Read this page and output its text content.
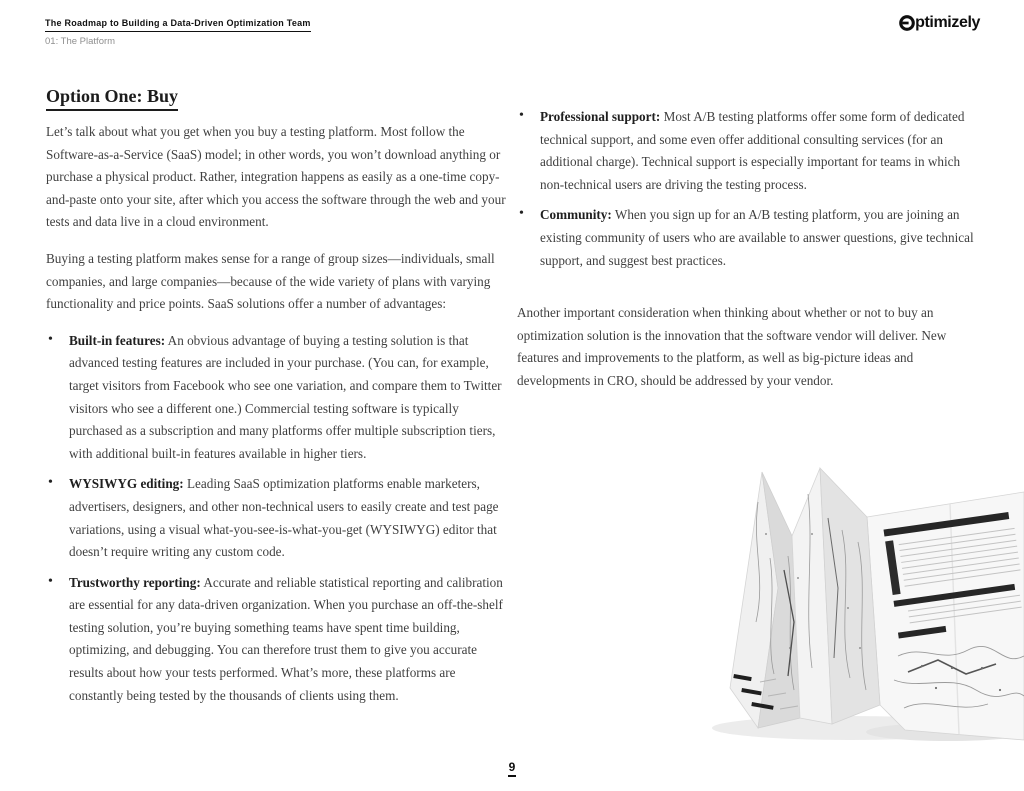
The Roadmap to Building a Data-Driven Optimization Team
01: The Platform
ptimizely
Option One: Buy

Let’s talk about what you get when you buy a testing platform. Most follow the Software-as-a-Service (SaaS) model; in other words, you won’t download anything or purchase a physical product. Rather, integration happens as easily as a one-time copy-and-paste onto your site, after which you access the software through the web and your tests and data live in a cloud environment.

Buying a testing platform makes sense for a range of group sizes—individuals, small companies, and large companies—because of the wide variety of plans with varying functionality and price points. SaaS solutions offer a number of advantages:

• Built-in features: An obvious advantage of buying a testing solution is that advanced testing features are included in your purchase. (You can, for example, target visitors from Facebook who see one variation, and compare them to Twitter visitors who see a different one.) Commercial testing software is typically purchased as a subscription and many platforms offer multiple subscription tiers, with additional built-in features available in higher tiers.
• WYSIWYG editing: Leading SaaS optimization platforms enable marketers, advertisers, designers, and other non-technical users to easily create and test page variations, using a visual what-you-see-is-what-you-get (WYSIWYG) editor that doesn’t require writing any custom code.
• Trustworthy reporting: Accurate and reliable statistical reporting and calibration are essential for any data-driven organization. When you purchase an off-the-shelf testing solution, you’re buying something teams have spent time building, optimizing, and debugging. You can therefore trust them to give you accurate results about how your tests performed. What’s more, these platforms are constantly being tested by the thousands of clients using them.
• Professional support: Most A/B testing platforms offer some form of dedicated technical support, and some even offer additional consulting services (for an additional charge). Technical support is especially important for teams in which non-technical users are driving the testing process.
• Community: When you sign up for an A/B testing platform, you are joining an existing community of users who are available to answer questions, give technical support, and suggest best practices.

Another important consideration when thinking about whether or not to buy an optimization solution is the innovation that the software vendor will deliver. New features and improvements to the platform, as well as big-picture ideas and developments in CRO, should be addressed by your vendor.

9
